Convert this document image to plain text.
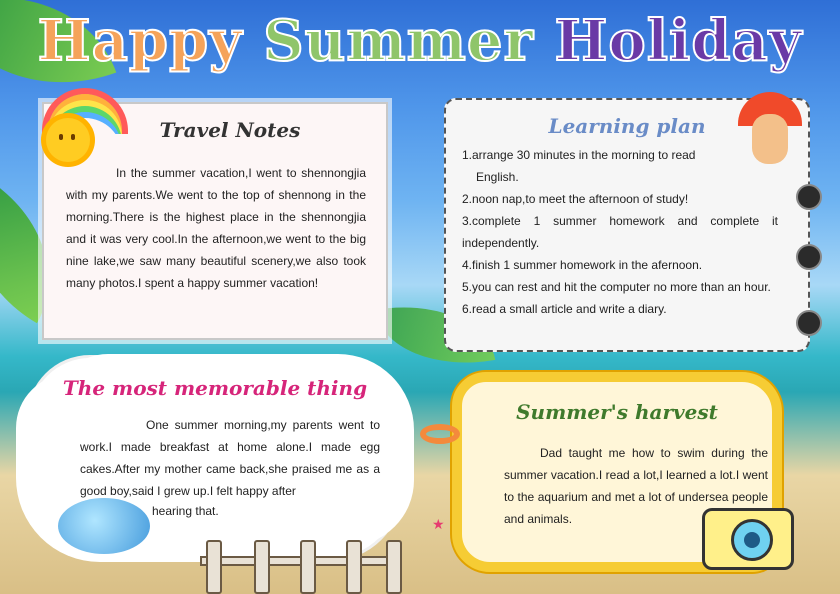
Happy Summer Holiday
Travel Notes

In the summer vacation,I went to shennongjia with my parents.We went to the top of shennong in the morning.There is the highest place in the shennongjia and it was very cool.In the afternoon,we went to the big nine lake,we saw many beautiful scenery,we also took many photos.I spent a happy summer vacation!

Learning plan
1.arrange 30 minutes in the morning to read
English.
2.noon nap,to meet the afternoon of study!
3.complete 1 summer homework and complete it independently.
4.finish 1 summer homework in the afernoon.
5.you can rest and hit the computer no more than an hour.
6.read a small article and write a diary.
The most memorable thing

One summer morning,my parents went to work.I made breakfast at home alone.I made egg cakes.After my mother came back,she praised me as a good boy,said I grew up.I felt happy after

hearing that.
Summer's harvest

Dad taught me how to swim during the summer vacation.I read a lot,I learned a lot.I went to the aquarium and met a lot of undersea people and animals.

★
